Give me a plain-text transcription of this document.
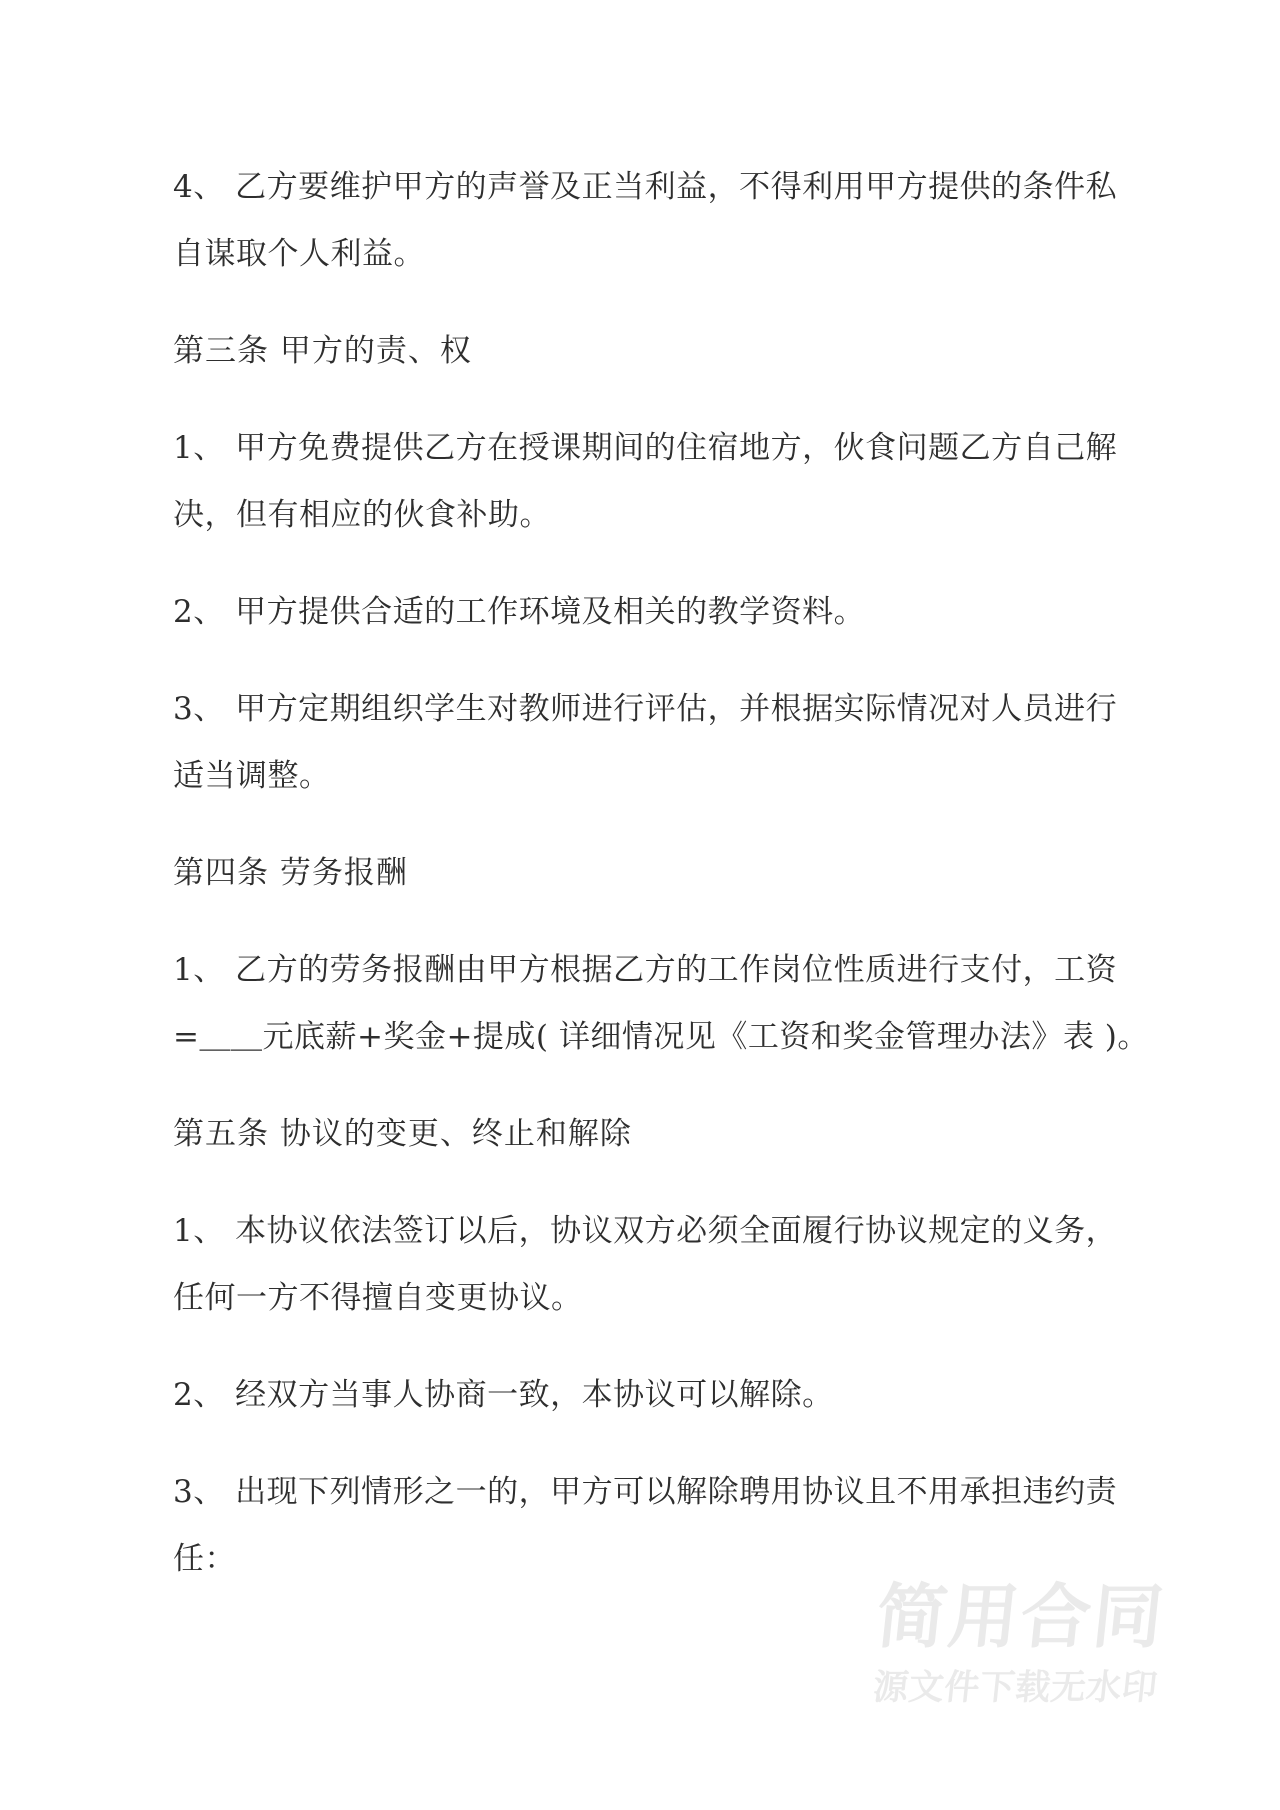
4、 乙方要维护甲方的声誉及正当利益，不得利用甲方提供的条件私
自谋取个人利益。
第三条 甲方的责、权
1、 甲方免费提供乙方在授课期间的住宿地方，伙食问题乙方自己解
决，但有相应的伙食补助。
2、 甲方提供合适的工作环境及相关的教学资料。
3、 甲方定期组织学生对教师进行评估，并根据实际情况对人员进行
适当调整。
第四条 劳务报酬
1、 乙方的劳务报酬由甲方根据乙方的工作岗位性质进行支付，工资
=＿＿元底薪+奖金+提成( 详细情况见《工资和奖金管理办法》表 )。
第五条 协议的变更、终止和解除
1、 本协议依法签订以后，协议双方必须全面履行协议规定的义务，
任何一方不得擅自变更协议。
2、 经双方当事人协商一致，本协议可以解除。
3、 出现下列情形之一的，甲方可以解除聘用协议且不用承担违约责
任：
简用合同
源文件下载无水印
